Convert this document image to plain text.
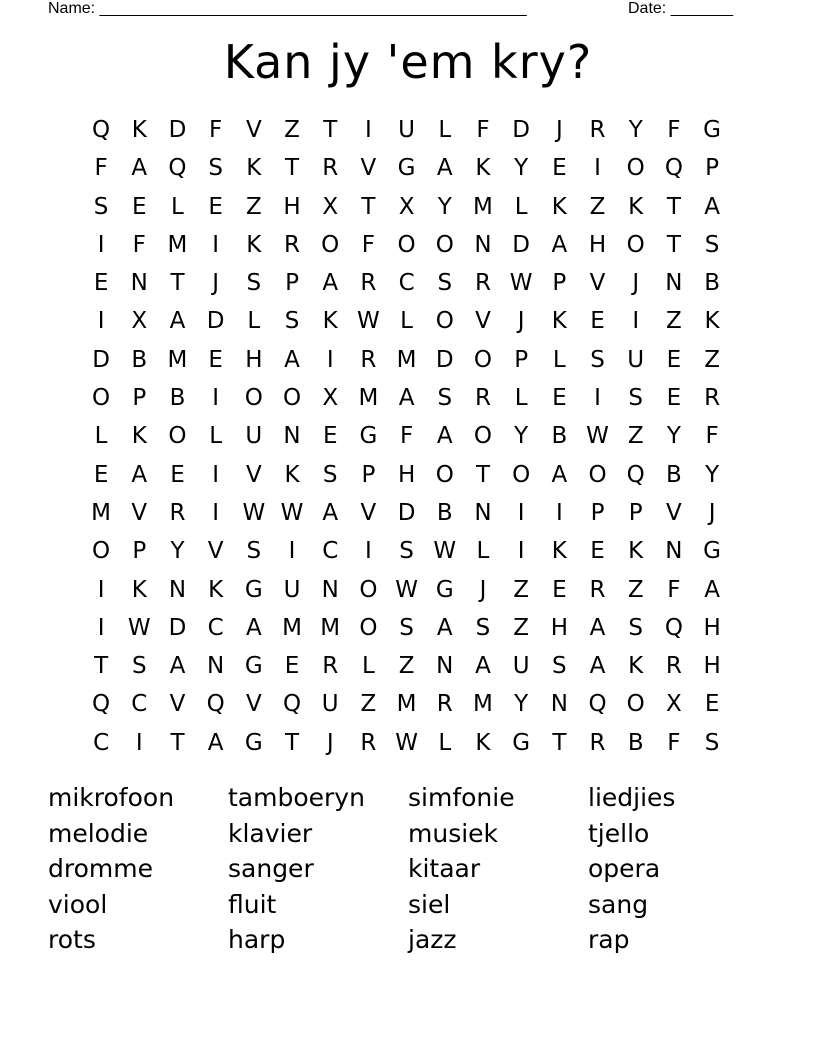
Name: ________________________________________________	Date: _______
Kan jy 'em kry?
Q K D F	V Z	T	I	U	L	F D	J	R	Y	F G
F	A Q S	K	T	R V G A K	Y	E	I	O Q P
S	E	L	E	Z H X	T	X	Y M L	K Z K	T	A
I	F M	I	K R O F O O N D A H O T	S
E N T	J	S	P	A R C S R W P	V	J	N B
I	X A D L	S	K W L O V	J	K	E	I	Z K
D B M E H A	I	R M D O P	L	S U E	Z
O P	B	I	O O X M A	S R	L	E	I	S	E R
L	K O L	U N E G F	A O Y	B W Z	Y	F
E	A	E	I	V K	S	P H O T O A O Q B	Y
M V R	I	W W A V D B N	I	I	P	P	V	J
O P	Y	V	S	I	C	I	S W L	I	K	E	K N G
I	K N K G U N O W G	J	Z	E R Z	F	A
I	W D C A M M O S	A	S	Z H A	S Q H
T	S	A N G E R	L	Z N A U S	A K R H
Q C V Q V Q U Z M R M Y N Q O X	E
C	I	T	A G T	J	R W L	K G T	R B	F	S
mikrofoon	tamboeryn	simfonie	liedjies
melodie	klavier	musiek	tjello
dromme	sanger	kitaar	opera
viool	fluit	siel	sang
rots	harp	jazz	rap
